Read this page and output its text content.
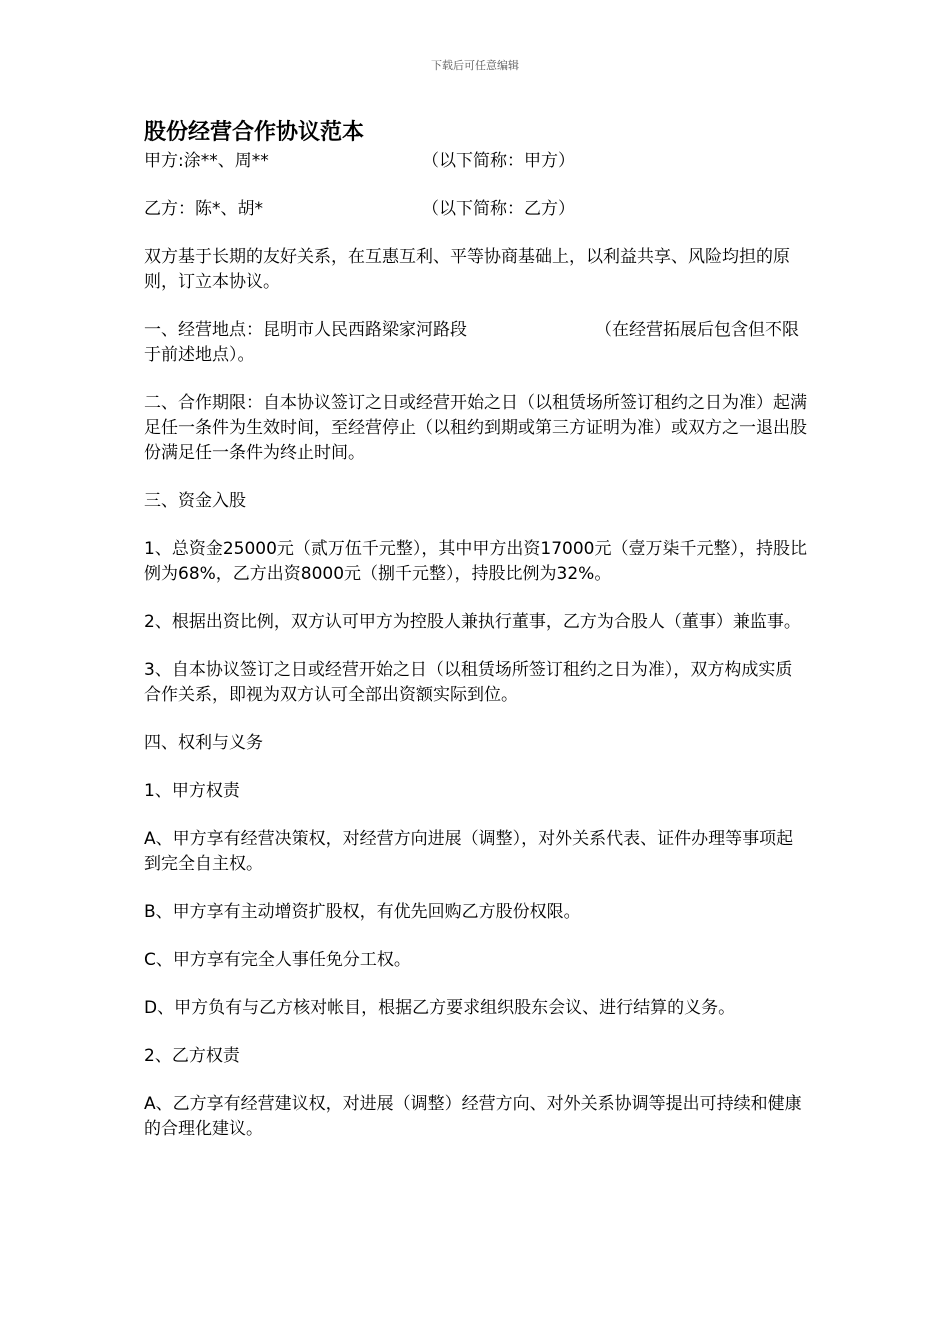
下载后可任意编辑
股份经营合作协议范本
甲方:涂**、周**	（以下简称：甲方）
乙方：陈*、胡*	（以下简称：乙方）

双方基于长期的友好关系，在互惠互利、平等协商基础上，以利益共享、风险均担的原则，订立本协议。

一、经营地点：昆明市人民西路梁家河路段	（在经营拓展后包含但不限于前述地点）。

二、合作期限：自本协议签订之日或经营开始之日（以租赁场所签订租约之日为准）起满足任一条件为生效时间，至经营停止（以租约到期或第三方证明为准）或双方之一退出股份满足任一条件为终止时间。

三、资金入股

1、总资金25000元（贰万伍千元整），其中甲方出资17000元（壹万柒千元整），持股比例为68%，乙方出资8000元（捌千元整），持股比例为32%。

2、根据出资比例，双方认可甲方为控股人兼执行董事，乙方为合股人（董事）兼监事。

3、自本协议签订之日或经营开始之日（以租赁场所签订租约之日为准），双方构成实质合作关系，即视为双方认可全部出资额实际到位。

四、权利与义务

1、甲方权责

A、甲方享有经营决策权，对经营方向进展（调整），对外关系代表、证件办理等事项起到完全自主权。

B、甲方享有主动增资扩股权，有优先回购乙方股份权限。

C、甲方享有完全人事任免分工权。

D、甲方负有与乙方核对帐目，根据乙方要求组织股东会议、进行结算的义务。

2、乙方权责

A、乙方享有经营建议权，对进展（调整）经营方向、对外关系协调等提出可持续和健康的合理化建议。
